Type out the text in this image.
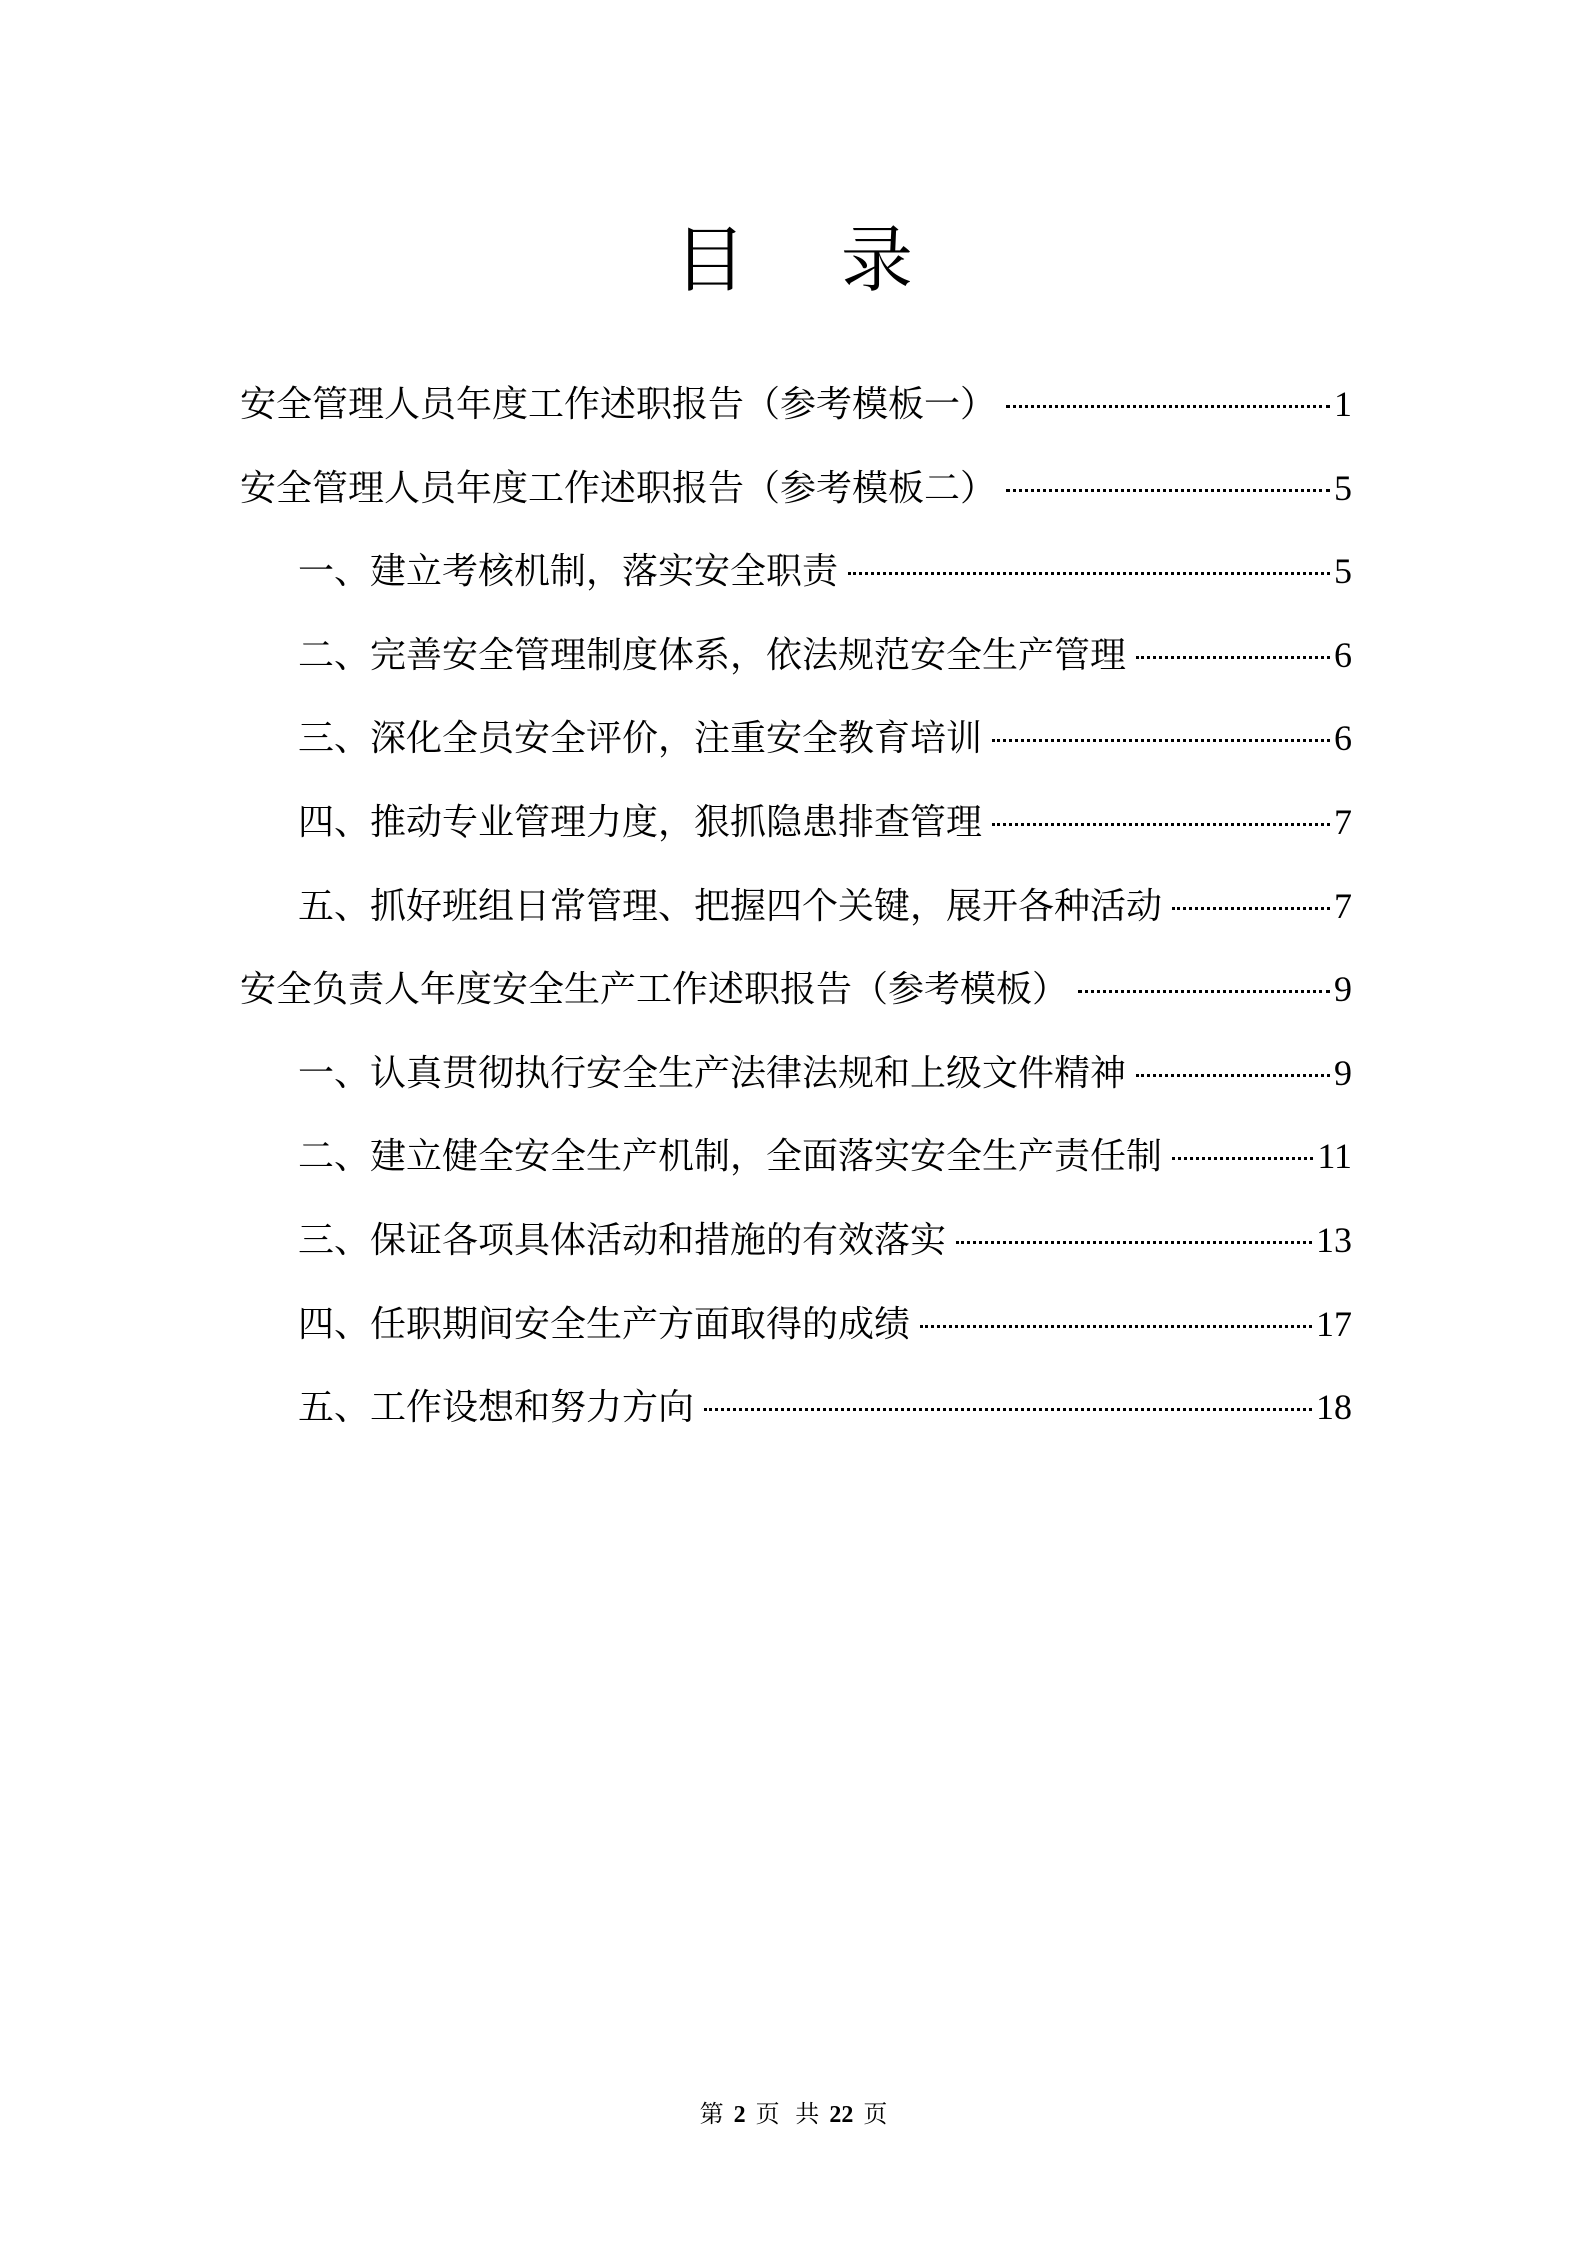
目 录
安全管理人员年度工作述职报告（参考模板一）	1
安全管理人员年度工作述职报告（参考模板二）	5
一、建立考核机制，落实安全职责	5
二、完善安全管理制度体系，依法规范安全生产管理	6
三、深化全员安全评价，注重安全教育培训	6
四、推动专业管理力度，狠抓隐患排查管理	7
五、抓好班组日常管理、把握四个关键，展开各种活动	7
安全负责人年度安全生产工作述职报告（参考模板）	9
一、认真贯彻执行安全生产法律法规和上级文件精神	9
二、建立健全安全生产机制，全面落实安全生产责任制	11
三、保证各项具体活动和措施的有效落实	13
四、任职期间安全生产方面取得的成绩	17
五、工作设想和努力方向	18
第 2 页 共 22 页
